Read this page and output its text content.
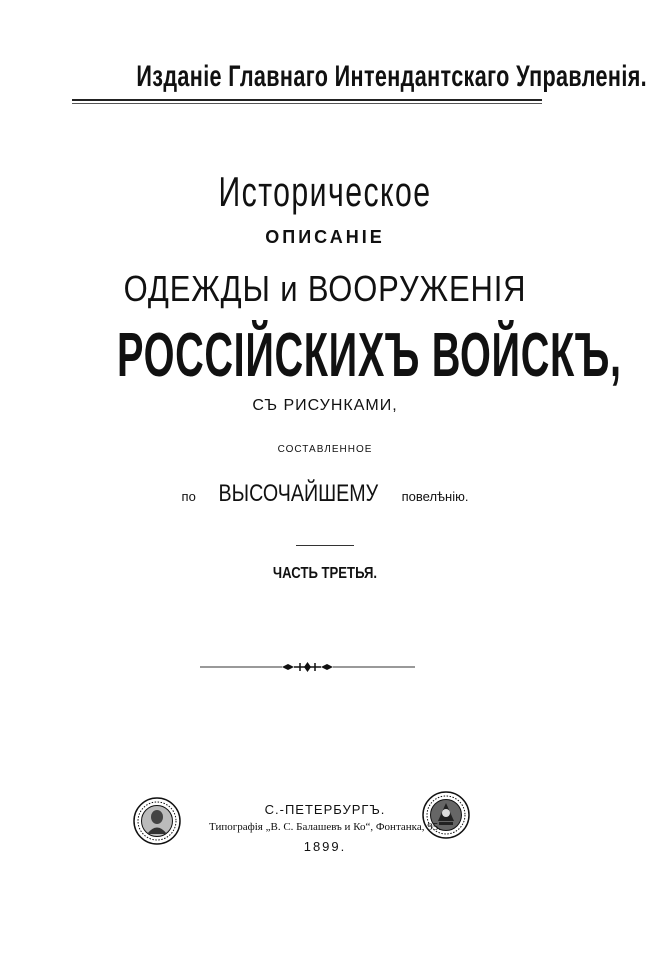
Изданіе Главнаго Интендантскаго Управленія.
Историческое
ОПИСАНІЕ
ОДЕЖДЫ и ВООРУЖЕНІЯ
РОССІЙСКИХЪ ВОЙСКЪ,
СЪ РИСУНКАМИ,
СОСТАВЛЕННОЕ
по ВЫСОЧАЙШЕМУ повелѣнію.
ЧАСТЬ ТРЕТЬЯ.
С.-ПЕТЕРБУРГЪ.
Типографія „В. С. Балашевъ и Ко“, Фонтанка, 95.
1899.
